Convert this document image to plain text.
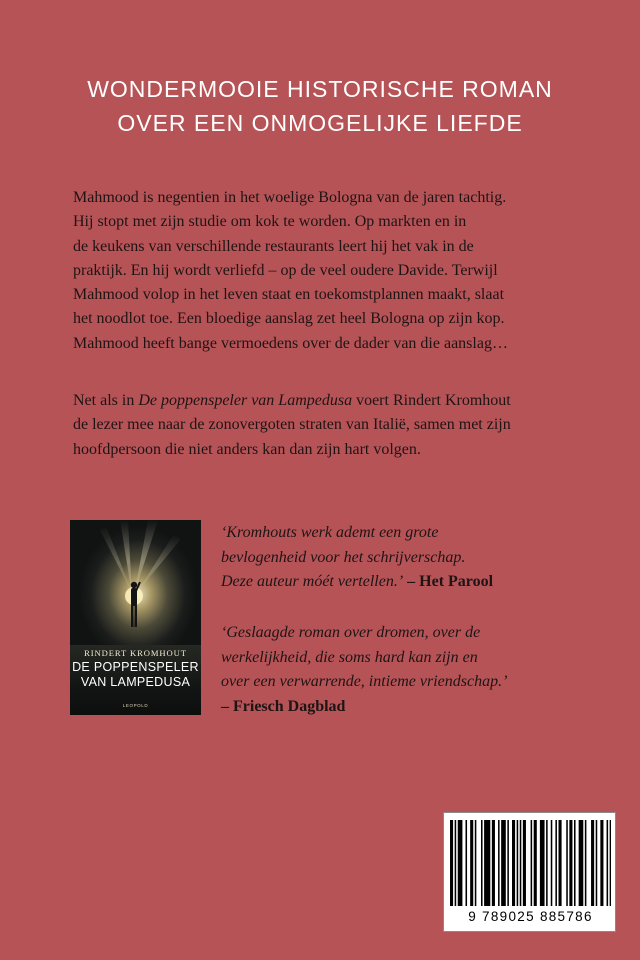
WONDERMOOIE HISTORISCHE ROMAN
OVER EEN ONMOGELIJKE LIEFDE

Mahmood is negentien in het woelige Bologna van de jaren tachtig.
Hij stopt met zijn studie om kok te worden. Op markten en in
de keukens van verschillende restaurants leert hij het vak in de
praktijk. En hij wordt verliefd – op de veel oudere Davide. Terwijl
Mahmood volop in het leven staat en toekomstplannen maakt, slaat
het noodlot toe. Een bloedige aanslag zet heel Bologna op zijn kop.
Mahmood heeft bange vermoedens over de dader van die aanslag…

Net als in De poppenspeler van Lampedusa voert Rindert Kromhout
de lezer mee naar de zonovergoten straten van Italië, samen met zijn
hoofdpersoon die niet anders kan dan zijn hart volgen.

RINDERT KROMHOUT
DE POPPENSPELER
VAN LAMPEDUSA
LEOPOLD

‘Kromhouts werk ademt een grote
bevlogenheid voor het schrijverschap.
Deze auteur móét vertellen.’ – Het Parool

‘Geslaagde roman over dromen, over de
werkelijkheid, die soms hard kan zijn en
over een verwarrende, intieme vriendschap.’
– Friesch Dagblad

9 789025 885786
